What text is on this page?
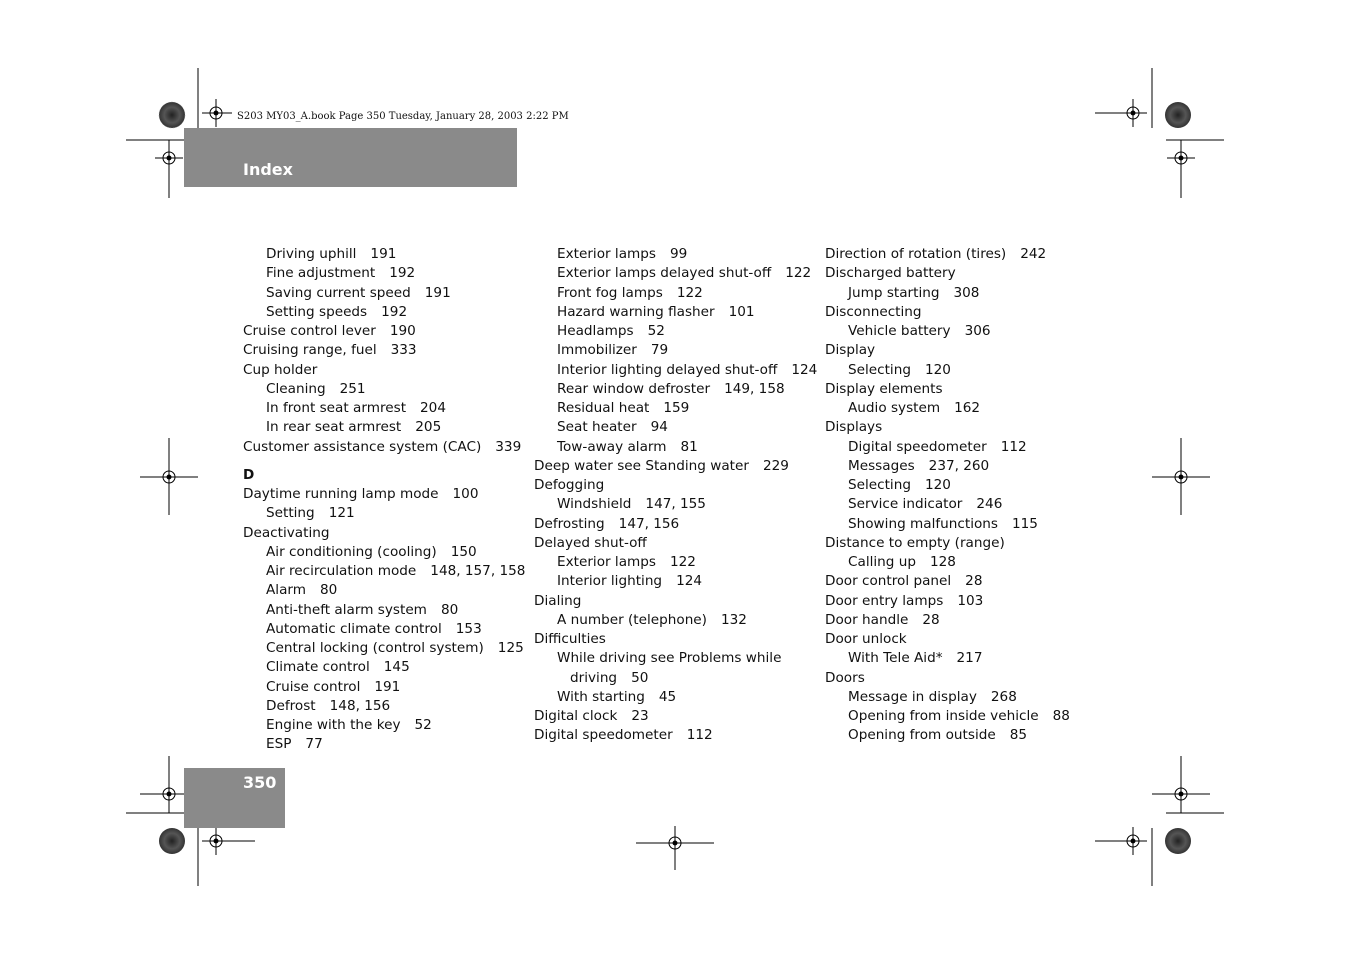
S203 MY03_A.book Page 350 Tuesday, January 28, 2003 2:22 PM
Index
Driving uphill 191
Fine adjustment 192
Saving current speed 191
Setting speeds 192
Cruise control lever 190
Cruising range, fuel 333
Cup holder
Cleaning 251
In front seat armrest 204
In rear seat armrest 205
Customer assistance system (CAC) 339
D
Daytime running lamp mode 100
Setting 121
Deactivating
Air conditioning (cooling) 150
Air recirculation mode 148, 157, 158
Alarm 80
Anti-theft alarm system 80
Automatic climate control 153
Central locking (control system) 125
Climate control 145
Cruise control 191
Defrost 148, 156
Engine with the key 52
ESP 77
Exterior lamps 99
Exterior lamps delayed shut-off 122
Front fog lamps 122
Hazard warning flasher 101
Headlamps 52
Immobilizer 79
Interior lighting delayed shut-off 124
Rear window defroster 149, 158
Residual heat 159
Seat heater 94
Tow-away alarm 81
Deep water see Standing water 229
Defogging
Windshield 147, 155
Defrosting 147, 156
Delayed shut-off
Exterior lamps 122
Interior lighting 124
Dialing
A number (telephone) 132
Difficulties
While driving see Problems while
driving 50
With starting 45
Digital clock 23
Digital speedometer 112
Direction of rotation (tires) 242
Discharged battery
Jump starting 308
Disconnecting
Vehicle battery 306
Display
Selecting 120
Display elements
Audio system 162
Displays
Digital speedometer 112
Messages 237, 260
Selecting 120
Service indicator 246
Showing malfunctions 115
Distance to empty (range)
Calling up 128
Door control panel 28
Door entry lamps 103
Door handle 28
Door unlock
With Tele Aid* 217
Doors
Message in display 268
Opening from inside vehicle 88
Opening from outside 85
350
